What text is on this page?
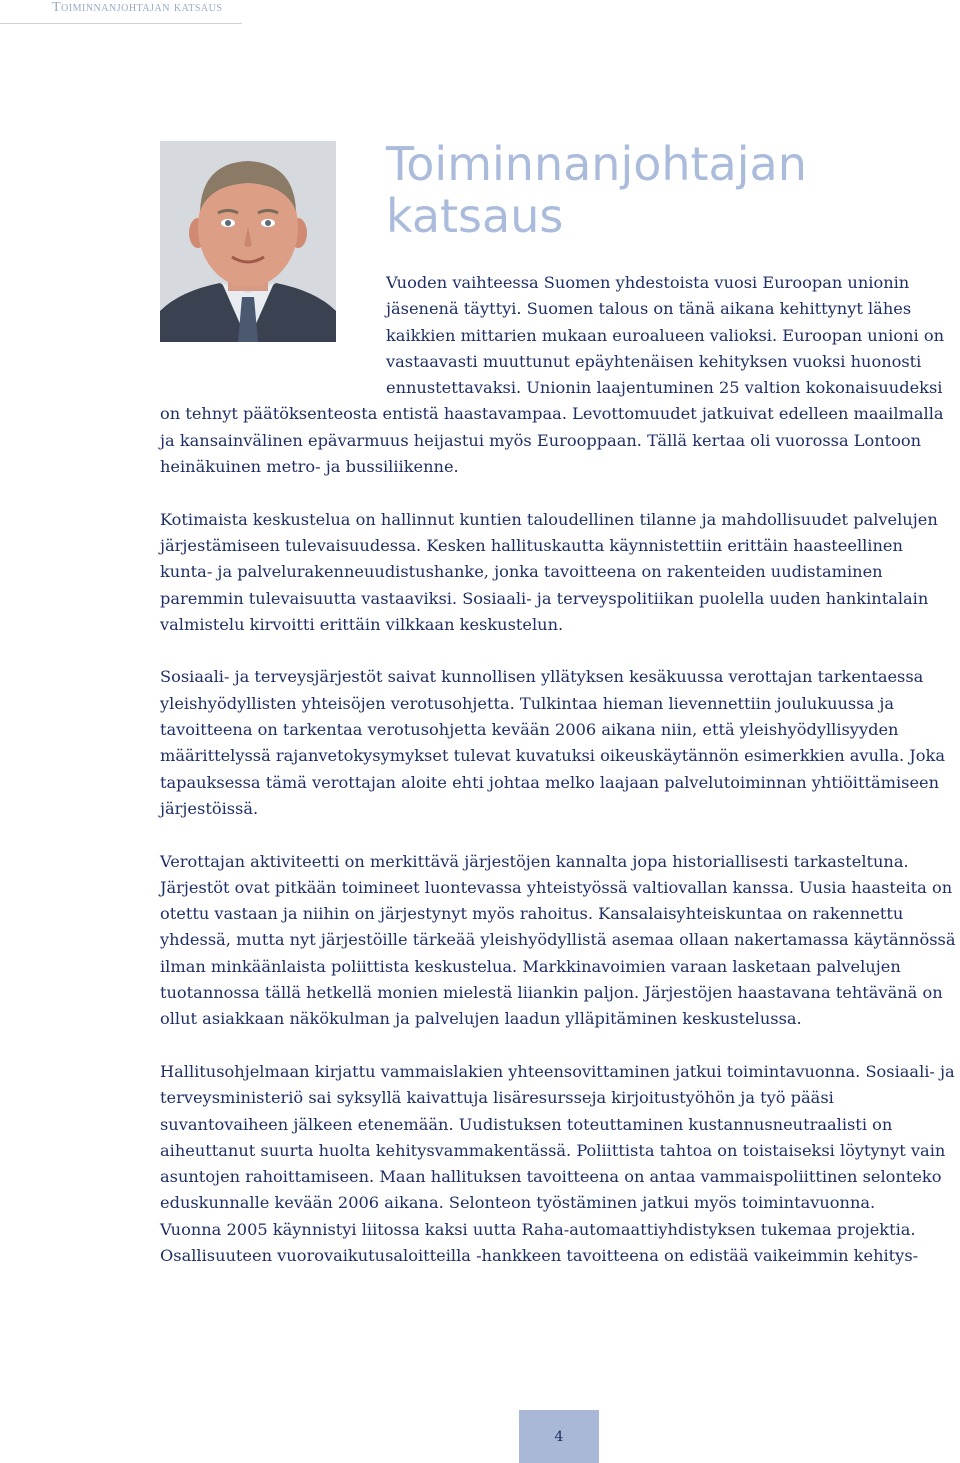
Toiminnanjohtajan katsaus
Toiminnanjohtajan
katsaus

Vuoden vaihteessa Suomen yhdestoista vuosi Euroopan unionin jäsenenä täyttyi. Suomen talous on tänä aikana kehittynyt lähes kaikkien mittarien mukaan euroalueen valioksi. Euroopan unioni on vastaavasti muuttunut epäyhtenäisen kehityksen vuoksi huonosti ennustettavaksi. Unionin laajentuminen 25 valtion kokonaisuudeksi on tehnyt päätöksenteosta entistä haastavampaa. Levottomuudet jatkuivat edelleen maailmalla ja kansainvälinen epävarmuus heijastui myös Eurooppaan. Tällä kertaa oli vuorossa Lontoon heinäkuinen metro- ja bussiliikenne.

Kotimaista keskustelua on hallinnut kuntien taloudellinen tilanne ja mahdollisuudet palvelujen järjestämiseen tulevaisuudessa. Kesken hallituskautta käynnistettiin erittäin haasteellinen kunta- ja palvelurakenneuudistushanke, jonka tavoitteena on rakenteiden uudistaminen paremmin tulevaisuutta vastaaviksi. Sosiaali- ja terveyspolitiikan puolella uuden hankintalain valmistelu kirvoitti erittäin vilkkaan keskustelun.

Sosiaali- ja terveysjärjestöt saivat kunnollisen yllätyksen kesäkuussa verottajan tarkentaessa yleishyödyllisten yhteisöjen verotusohjetta. Tulkintaa hieman lievennettiin joulukuussa ja tavoitteena on tarkentaa verotusohjetta kevään 2006 aikana niin, että yleishyödyllisyyden määrittelyssä rajanvetokysymykset tulevat kuvatuksi oikeuskäytännön esimerkkien avulla. Joka tapauksessa tämä verottajan aloite ehti johtaa melko laajaan palvelutoiminnan yhtiöittämiseen järjestöissä.

Verottajan aktiviteetti on merkittävä järjestöjen kannalta jopa historiallisesti tarkasteltuna. Järjestöt ovat pitkään toimineet luontevassa yhteistyössä valtiovallan kanssa. Uusia haasteita on otettu vastaan ja niihin on järjestynyt myös rahoitus. Kansalaisyhteiskuntaa on rakennettu yhdessä, mutta nyt järjestöille tärkeää yleishyödyllistä asemaa ollaan nakertamassa käytännössä ilman minkäänlaista poliittista keskustelua. Markkinavoimien varaan lasketaan palvelujen tuotannossa tällä hetkellä monien mielestä liiankin paljon. Järjestöjen haastavana tehtävänä on ollut asiakkaan näkökulman ja palvelujen laadun ylläpitäminen keskustelussa.

Hallitusohjelmaan kirjattu vammaislakien yhteensovittaminen jatkui toimintavuonna. Sosiaali- ja terveysministeriö sai syksyllä kaivattuja lisäresursseja kirjoitustyöhön ja työ pääsi suvantovaiheen jälkeen etenemään. Uudistuksen toteuttaminen kustannusneutraalisti on aiheuttanut suurta huolta kehitysvammakentässä. Poliittista tahtoa on toistaiseksi löytynyt vain asuntojen rahoittamiseen. Maan hallituksen tavoitteena on antaa vammaispoliittinen selonteko eduskunnalle kevään 2006 aikana. Selonteon työstäminen jatkui myös toimintavuonna.

Vuonna 2005 käynnistyi liitossa kaksi uutta Raha-automaattiyhdistyksen tukemaa projektia.
Osallisuuteen vuorovaikutusaloitteilla -hankkeen tavoitteena on edistää vaikeimmin kehitys-
4
